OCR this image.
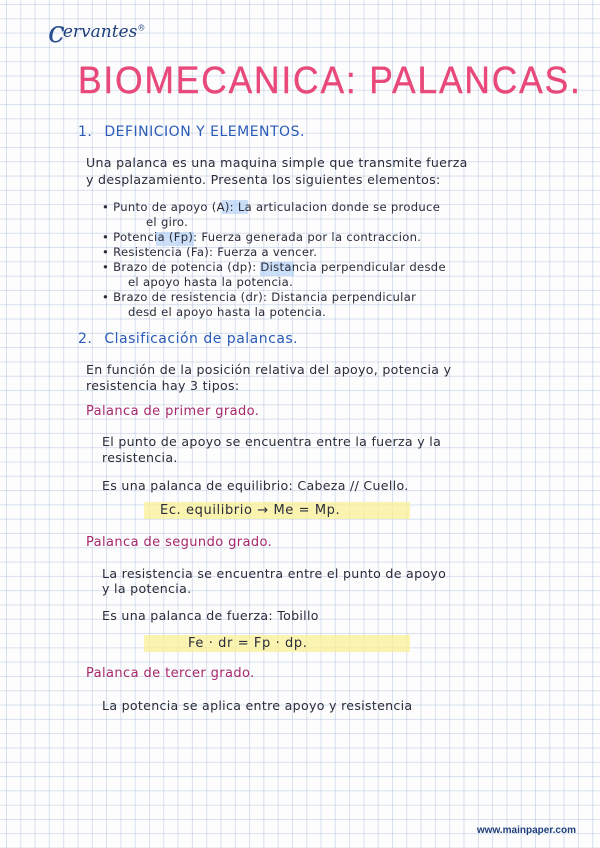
cervantes®
BIOMECANICA: PALANCAS.
1. DEFINICION Y ELEMENTOS.
Una palanca es una maquina simple que transmite fuerza
y desplazamiento. Presenta los siguientes elementos:
• Punto de apoyo (A): La articulacion donde se produce
el giro.
• Potencia (Fp): Fuerza generada por la contraccion.
• Resistencia (Fa): Fuerza a vencer.
• Brazo de potencia (dp): Distancia perpendicular desde
el apoyo hasta la potencia.
• Brazo de resistencia (dr): Distancia perpendicular
desd el apoyo hasta la potencia.
2. Clasificación de palancas.
En función de la posición relativa del apoyo, potencia y
resistencia hay 3 tipos:
Palanca de primer grado.
El punto de apoyo se encuentra entre la fuerza y la
resistencia.
Es una palanca de equilibrio: Cabeza // Cuello.
Ec. equilibrio → Me = Mp.
Palanca de segundo grado.
La resistencia se encuentra entre el punto de apoyo
y la potencia.
Es una palanca de fuerza: Tobillo
Fe · dr = Fp · dp.
Palanca de tercer grado.
La potencia se aplica entre apoyo y resistencia
www.mainpaper.com
